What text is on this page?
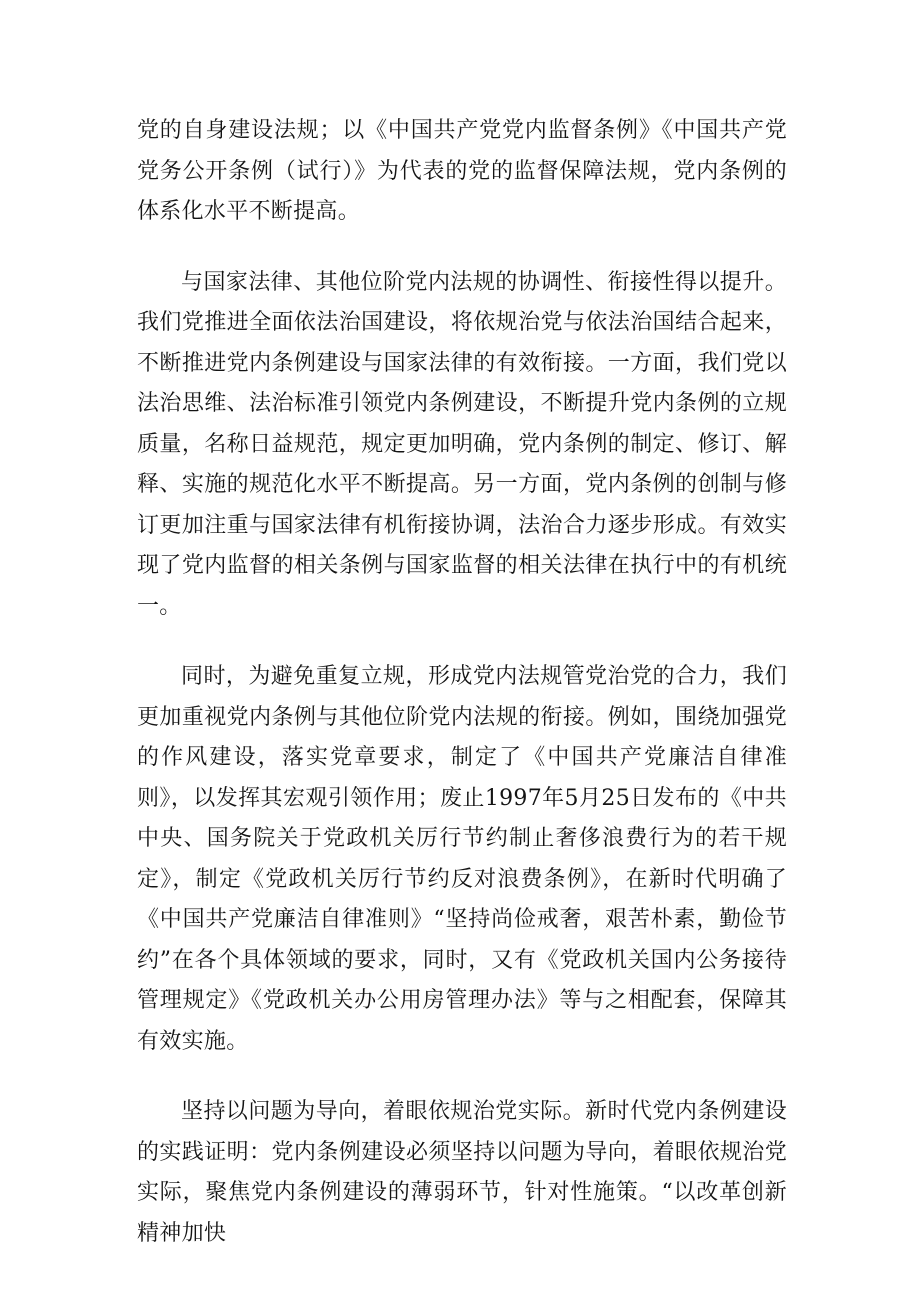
党的自身建设法规；以《中国共产党党内监督条例》《中国共产党党务公开条例（试行）》为代表的党的监督保障法规，党内条例的体系化水平不断提高。

与国家法律、其他位阶党内法规的协调性、衔接性得以提升。我们党推进全面依法治国建设，将依规治党与依法治国结合起来，不断推进党内条例建设与国家法律的有效衔接。一方面，我们党以法治思维、法治标准引领党内条例建设，不断提升党内条例的立规质量，名称日益规范，规定更加明确，党内条例的制定、修订、解释、实施的规范化水平不断提高。另一方面，党内条例的创制与修订更加注重与国家法律有机衔接协调，法治合力逐步形成。有效实现了党内监督的相关条例与国家监督的相关法律在执行中的有机统一。

同时，为避免重复立规，形成党内法规管党治党的合力，我们更加重视党内条例与其他位阶党内法规的衔接。例如，围绕加强党的作风建设，落实党章要求，制定了《中国共产党廉洁自律准则》，以发挥其宏观引领作用；废止1997年5月25日发布的《中共中央、国务院关于党政机关厉行节约制止奢侈浪费行为的若干规定》，制定《党政机关厉行节约反对浪费条例》，在新时代明确了《中国共产党廉洁自律准则》“坚持尚俭戒奢，艰苦朴素，勤俭节约”在各个具体领域的要求，同时，又有《党政机关国内公务接待管理规定》《党政机关办公用房管理办法》等与之相配套，保障其有效实施。

坚持以问题为导向，着眼依规治党实际。新时代党内条例建设的实践证明：党内条例建设必须坚持以问题为导向，着眼依规治党实际，聚焦党内条例建设的薄弱环节，针对性施策。“以改革创新精神加快
